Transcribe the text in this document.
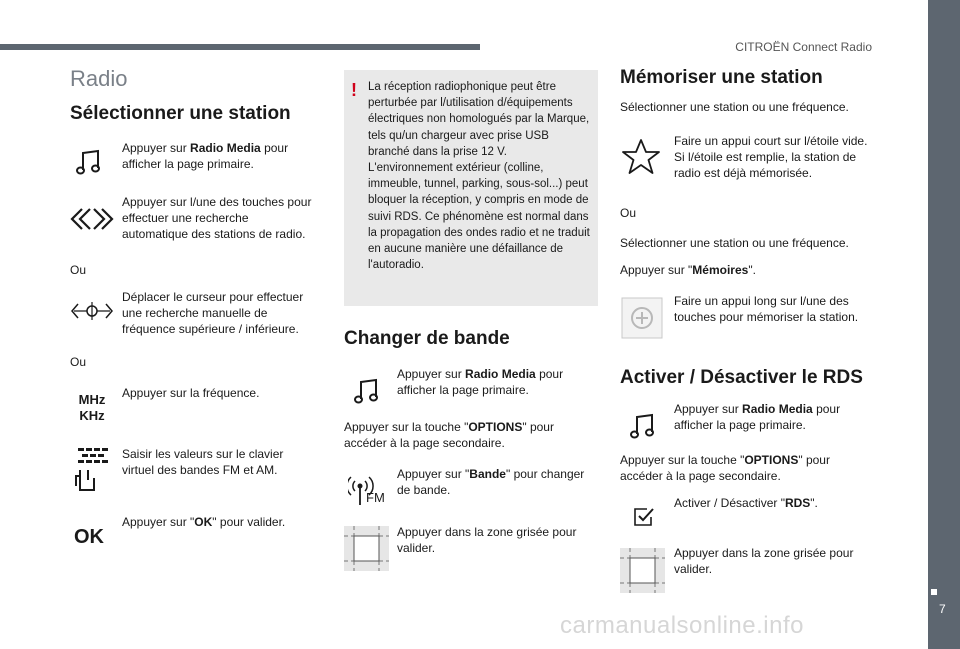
CITROËN Connect Radio
7
carmanualsonline.info
Radio
Sélectionner une station
Appuyer sur Radio Media pour afficher la page primaire.
Appuyer sur l/une des touches pour effectuer une recherche automatique des stations de radio.
Ou
Déplacer le curseur pour effectuer une recherche manuelle de fréquence supérieure / inférieure.
Ou
MHz
KHz
Appuyer sur la fréquence.
Saisir les valeurs sur le clavier virtuel des bandes FM et AM.
OK
Appuyer sur "OK" pour valider.
! La réception radiophonique peut être perturbée par l/utilisation d/équipements électriques non homologués par la Marque, tels qu/un chargeur avec prise USB branché dans la prise 12 V. L'environnement extérieur (colline, immeuble, tunnel, parking, sous-sol...) peut bloquer la réception, y compris en mode de suivi RDS. Ce phénomène est normal dans la propagation des ondes radio et ne traduit en aucune manière une défaillance de l'autoradio.
Changer de bande
Appuyer sur Radio Media pour afficher la page primaire.
Appuyer sur la touche "OPTIONS" pour accéder à la page secondaire.
FM
Appuyer sur "Bande" pour changer de bande.
Appuyer dans la zone grisée pour valider.
Mémoriser une station
Sélectionner une station ou une fréquence.
Faire un appui court sur l/étoile vide. Si l/étoile est remplie, la station de radio est déjà mémorisée.
Ou
Sélectionner une station ou une fréquence.
Appuyer sur "Mémoires".
Faire un appui long sur l/une des touches pour mémoriser la station.
Activer / Désactiver le RDS
Appuyer sur Radio Media pour afficher la page primaire.
Appuyer sur la touche "OPTIONS" pour accéder à la page secondaire.
Activer / Désactiver "RDS".
Appuyer dans la zone grisée pour valider.
